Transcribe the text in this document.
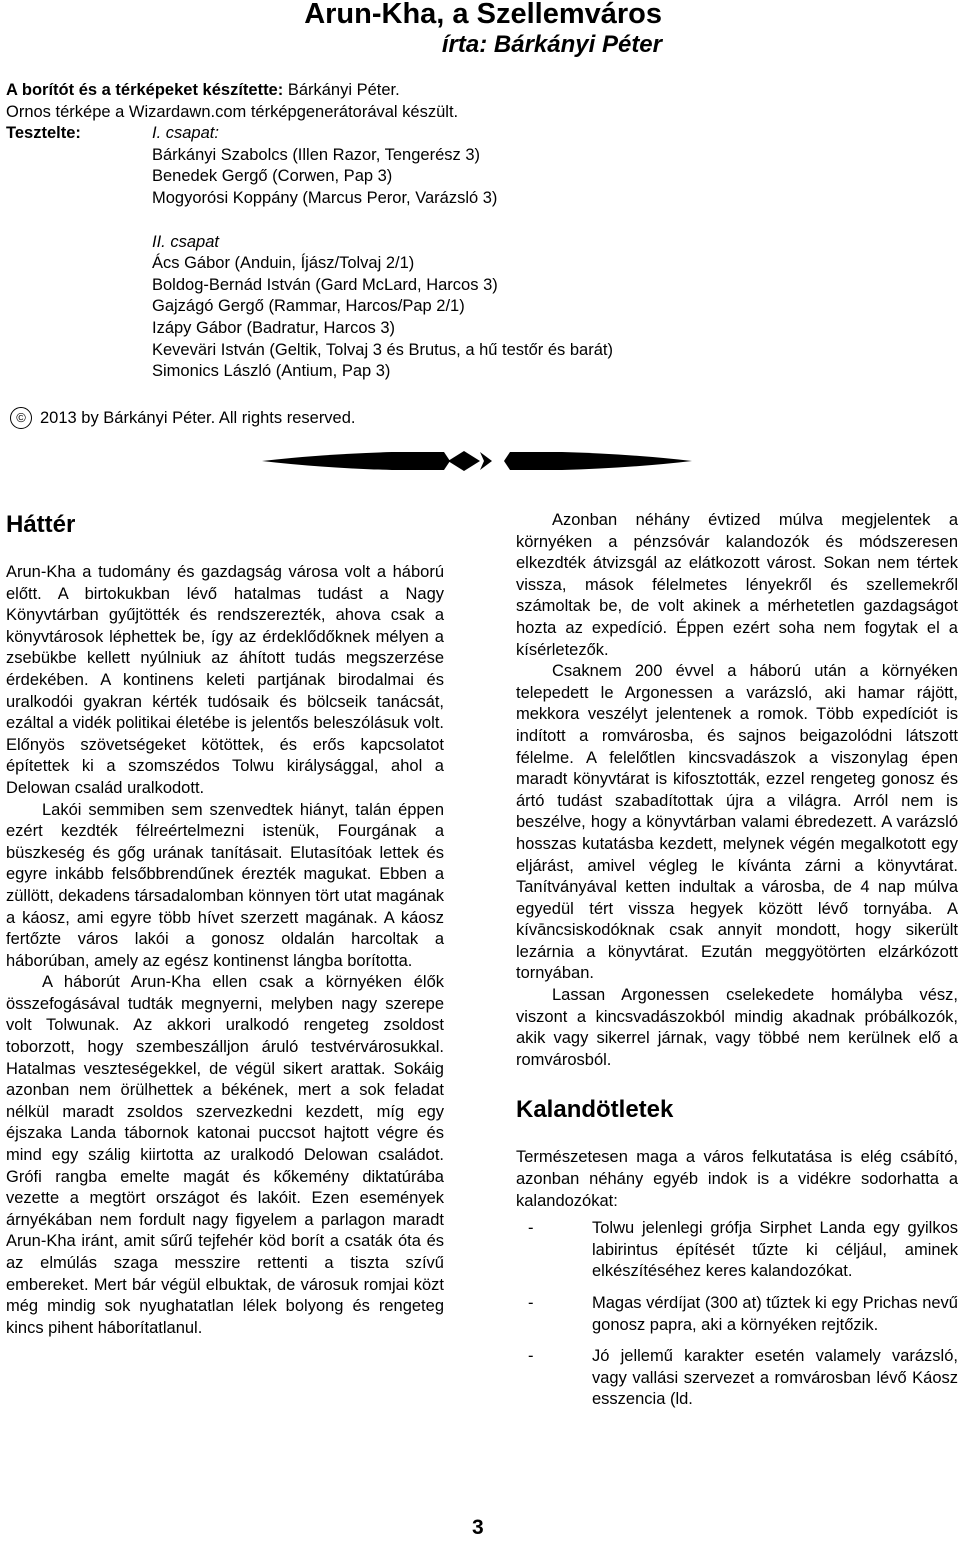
Arun-Kha, a Szellemváros
írta: Bárkányi Péter
A borítót és a térképeket készítette: Bárkányi Péter.
Ornos térképe a Wizardawn.com térképgenerátorával készült.
Tesztelte:	I. csapat:
Bárkányi Szabolcs (Illen Razor, Tengerész 3)
Benedek Gergő (Corwen, Pap 3)
Mogyorósi Koppány (Marcus Peror, Varázsló 3)
II. csapat
Ács Gábor (Anduin, Íjász/Tolvaj 2/1)
Boldog-Bernád István (Gard McLard, Harcos 3)
Gajzágó Gergő (Rammar, Harcos/Pap 2/1)
Izápy Gábor (Badratur, Harcos 3)
Keveväri István (Geltik, Tolvaj 3 és Brutus, a hű testőr és barát)
Simonics László (Antium, Pap 3)
© 2013 by Bárkányi Péter. All rights reserved.
Háttér

Arun-Kha a tudomány és gazdagság városa volt a háború előtt. A birtokukban lévő hatalmas tudást a Nagy Könyvtárban gyűjtötték és rendszerezték, ahova csak a könyvtárosok léphettek be, így az érdeklődőknek mélyen a zsebükbe kellett nyúlniuk az áhított tudás megszerzése érdekében. A kontinens keleti partjának birodalmai és uralkodói gyakran kérték tudósaik és bölcseik tanácsát, ezáltal a vidék politikai életébe is jelentős beleszólásuk volt. Előnyös szövetségeket kötöttek, és erős kapcsolatot építettek ki a szomszédos Tolwu királysággal, ahol a Delowan család uralkodott.

Lakói semmiben sem szenvedtek hiányt, talán éppen ezért kezdték félreértelmezni istenük, Fourgának a büszkeség és gőg urának tanításait. Elutasítóak lettek és egyre inkább felsőbbrendűnek érezték magukat. Ebben a züllött, dekadens társadalomban könnyen tört utat magának a káosz, ami egyre több hívet szerzett magának. A káosz fertőzte város lakói a gonosz oldalán harcoltak a háborúban, amely az egész kontinenst lángba borította.

A háborút Arun-Kha ellen csak a környéken élők összefogásával tudták megnyerni, melyben nagy szerepe volt Tolwunak. Az akkori uralkodó rengeteg zsoldost toborzott, hogy szembeszálljon áruló testvérvárosukkal. Hatalmas veszteségekkel, de végül sikert arattak. Sokáig azonban nem örülhettek a békének, mert a sok feladat nélkül maradt zsoldos szervezkedni kezdett, míg egy éjszaka Landa tábornok katonai puccsot hajtott végre és mind egy szálig kiirtotta az uralkodó Delowan családot. Grófi rangba emelte magát és kőkemény diktatúrába vezette a megtört országot és lakóit. Ezen események árnyékában nem fordult nagy figyelem a parlagon maradt Arun-Kha iránt, amit sűrű tejfehér köd borít a csaták óta és az elmúlás szaga messzire rettenti a tiszta szívű embereket. Mert bár végül elbuktak, de városuk romjai közt még mindig sok nyughatatlan lélek bolyong és rengeteg kincs pihent háborítatlanul.

Azonban néhány évtized múlva megjelentek a környéken a pénzsóvár kalandozók és módszeresen elkezdték átvizsgál az elátkozott várost. Sokan nem tértek vissza, mások félelmetes lényekről és szellemekről számoltak be, de volt akinek a mérhetetlen gazdagságot hozta az expedíció. Éppen ezért soha nem fogytak el a kísérletezők.

Csaknem 200 évvel a háború után a környéken telepedett le Argonessen a varázsló, aki hamar rájött, mekkora veszélyt jelentenek a romok. Több expedíciót is indított a romvárosba, és sajnos beigazolódni látszott félelme. A felelőtlen kincsvadászok a viszonylag épen maradt könyvtárat is kifosztották, ezzel rengeteg gonosz és ártó tudást szabadítottak újra a világra. Arról nem is beszélve, hogy a könyvtárban valami ébredezett. A varázsló hosszas kutatásba kezdett, melynek végén megalkotott egy eljárást, amivel végleg le kívánta zárni a könyvtárat. Tanítványával ketten indultak a városba, de 4 nap múlva egyedül tért vissza hegyek között lévő tornyába. A kívāncsiskodóknak csak annyit mondott, hogy sikerült lezárnia a könyvtárat. Ezután meggyötörten elzárkózott tornyában.

Lassan Argonessen cselekedete homályba vész, viszont a kincsvadászokból mindig akadnak próbálkozók, akik vagy sikerrel járnak, vagy többé nem kerülnek elő a romvárosból.

Kalandötletek

Természetesen maga a város felkutatása is elég csábító, azonban néhány egyéb indok is a vidékre sodorhatta a kalandozókat:

-	Tolwu jelenlegi grófja Sirphet Landa egy gyilkos labirintus építését tűzte ki céljául, aminek elkészítéséhez keres kalandozókat.
-	Magas vérdíjat (300 at) tűztek ki egy Prichas nevű gonosz papra, aki a környéken rejtőzik.
-	Jó jellemű karakter esetén valamely varázsló, vagy vallási szervezet a romvárosban lévő Káosz esszencia (ld.
3
